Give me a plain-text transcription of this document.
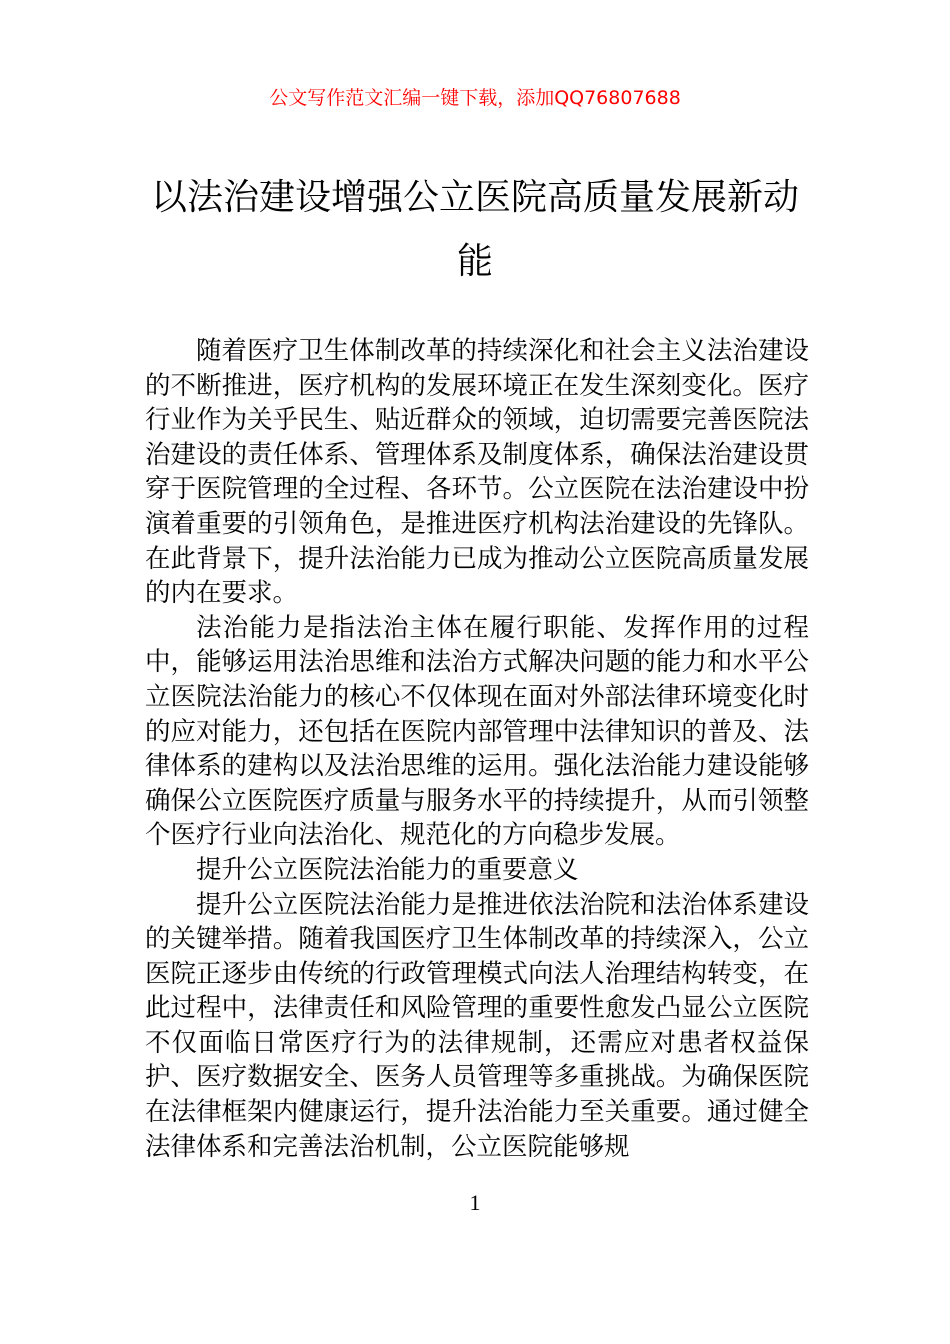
公文写作范文汇编一键下载，添加QQ76807688
以法治建设增强公立医院高质量发展新动能

随着医疗卫生体制改革的持续深化和社会主义法治建设的不断推进，医疗机构的发展环境正在发生深刻变化。医疗行业作为关乎民生、贴近群众的领域，迫切需要完善医院法治建设的责任体系、管理体系及制度体系，确保法治建设贯穿于医院管理的全过程、各环节。公立医院在法治建设中扮演着重要的引领角色，是推进医疗机构法治建设的先锋队。在此背景下，提升法治能力已成为推动公立医院高质量发展的内在要求。

法治能力是指法治主体在履行职能、发挥作用的过程中，能够运用法治思维和法治方式解决问题的能力和水平公立医院法治能力的核心不仅体现在面对外部法律环境变化时的应对能力，还包括在医院内部管理中法律知识的普及、法律体系的建构以及法治思维的运用。强化法治能力建设能够确保公立医院医疗质量与服务水平的持续提升，从而引领整个医疗行业向法治化、规范化的方向稳步发展。

提升公立医院法治能力的重要意义

提升公立医院法治能力是推进依法治院和法治体系建设的关键举措。随着我国医疗卫生体制改革的持续深入，公立医院正逐步由传统的行政管理模式向法人治理结构转变，在此过程中，法律责任和风险管理的重要性愈发凸显公立医院不仅面临日常医疗行为的法律规制，还需应对患者权益保护、医疗数据安全、医务人员管理等多重挑战。为确保医院在法律框架内健康运行，提升法治能力至关重要。通过健全法律体系和完善法治机制，公立医院能够规

1
